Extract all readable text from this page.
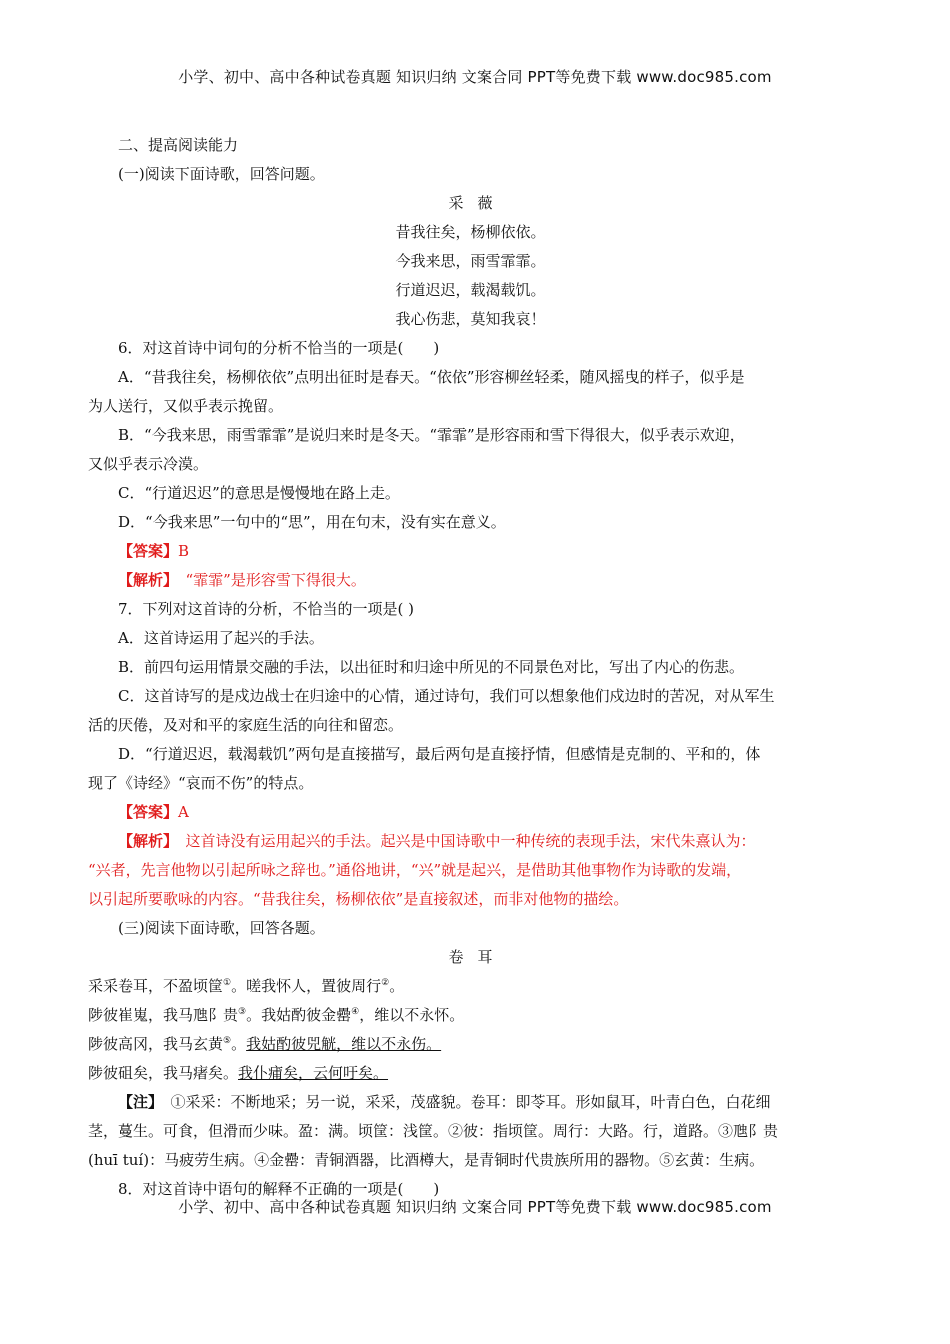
小学、初中、高中各种试卷真题 知识归纳 文案合同 PPT等免费下载 www.doc985.com
二、提高阅读能力
(一)阅读下面诗歌，回答问题。
采薇
昔我往矣，杨柳依依。
今我来思，雨雪霏霏。
行道迟迟，载渴载饥。
我心伤悲，莫知我哀！
6．对这首诗中词句的分析不恰当的一项是(　　)
A．“昔我往矣，杨柳依依”点明出征时是春天。“依依”形容柳丝轻柔，随风摇曳的样子，似乎是
为人送行，又似乎表示挽留。
B．“今我来思，雨雪霏霏”是说归来时是冬天。“霏霏”是形容雨和雪下得很大，似乎表示欢迎，
又似乎表示冷漠。
C．“行道迟迟”的意思是慢慢地在路上走。
D．“今我来思”一句中的“思”，用在句末，没有实在意义。
【答案】B
【解析】　“霏霏”是形容雪下得很大。
7．下列对这首诗的分析，不恰当的一项是( )
A．这首诗运用了起兴的手法。
B．前四句运用情景交融的手法，以出征时和归途中所见的不同景色对比，写出了内心的伤悲。
C．这首诗写的是戍边战士在归途中的心情，通过诗句，我们可以想象他们戍边时的苦况，对从军生
活的厌倦，及对和平的家庭生活的向往和留恋。
D．“行道迟迟，载渴载饥”两句是直接描写，最后两句是直接抒情，但感情是克制的、平和的，体
现了《诗经》“哀而不伤”的特点。
【答案】A
【解析】　这首诗没有运用起兴的手法。起兴是中国诗歌中一种传统的表现手法，宋代朱熹认为：
“兴者，先言他物以引起所咏之辞也。”通俗地讲，“兴”就是起兴，是借助其他事物作为诗歌的发端，
以引起所要歌咏的内容。“昔我往矣，杨柳依依”是直接叙述，而非对他物的描绘。
(三)阅读下面诗歌，回答各题。
卷耳
采采卷耳，不盈顷筐①。嗟我怀人，置彼周行②。
陟彼崔嵬，我马虺阝贵③。我姑酌彼金罍④，维以不永怀。
陟彼高冈，我马玄黄⑤。我姑酌彼兕觥，维以不永伤。
陟彼砠矣，我马瘏矣。我仆痡矣，云何吁矣。
【注】　①采采：不断地采；另一说，采采，茂盛貌。卷耳：即苓耳。形如鼠耳，叶青白色，白花细
茎，蔓生。可食，但滑而少味。盈：满。顷筐：浅筐。②彼：指顷筐。周行：大路。行，道路。③虺阝贵
(huī tuí)：马疲劳生病。④金罍：青铜酒器，比酒樽大，是青铜时代贵族所用的器物。⑤玄黄：生病。
8．对这首诗中语句的解释不正确的一项是(　　)
小学、初中、高中各种试卷真题 知识归纳 文案合同 PPT等免费下载 www.doc985.com
